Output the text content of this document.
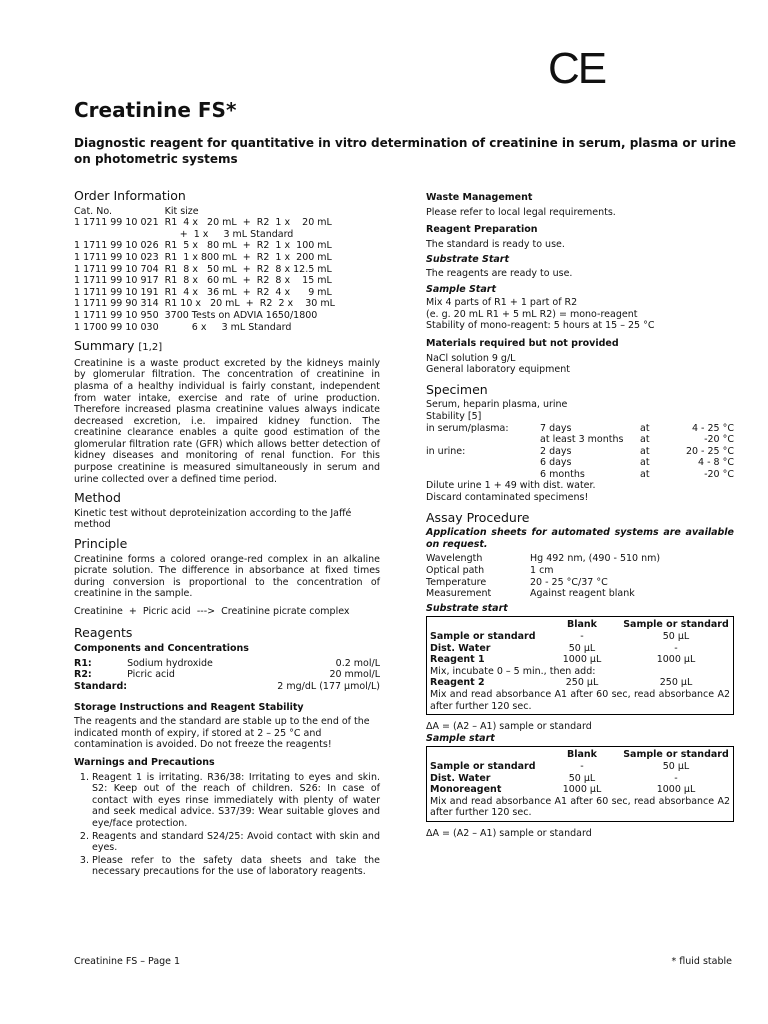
CE
Creatinine FS*
Diagnostic reagent for quantitative in vitro determination of creatinine in serum, plasma or urine on photometric systems
Order Information
Cat. No.	Kit size
1 1711 99 10 021	R1  4 x   20 mL  +  R2  1 x    20 mL
	+  1 x     3 mL Standard
1 1711 99 10 026	R1  5 x   80 mL  +  R2  1 x  100 mL
1 1711 99 10 023	R1  1 x 800 mL  +  R2  1 x  200 mL
1 1711 99 10 704	R1  8 x   50 mL  +  R2  8 x 12.5 mL
1 1711 99 10 917	R1  8 x   60 mL  +  R2  8 x    15 mL
1 1711 99 10 191	R1  4 x   36 mL  +  R2  4 x      9 mL
1 1711 99 90 314	R1 10 x   20 mL  +  R2  2 x    30 mL
1 1711 99 10 950	3700 Tests on ADVIA 1650/1800
1 1700 99 10 030	6 x     3 mL Standard
Summary [1,2]

Creatinine is a waste product excreted by the kidneys mainly by glomerular filtration. The concentration of creatinine in plasma of a healthy individual is fairly constant, independent from water intake, exercise and rate of urine production. Therefore increased plasma creatinine values always indicate decreased excretion, i.e. impaired kidney function. The creatinine clearance enables a quite good estimation of the glomerular filtration rate (GFR) which allows better detection of kidney diseases and monitoring of renal function. For this purpose creatinine is measured simultaneously in serum and urine collected over a defined time period.

Method

Kinetic test without deproteinization according to the Jaffé method

Principle

Creatinine forms a colored orange-red complex in an alkaline picrate solution. The difference in absorbance at fixed times during conversion is proportional to the concentration of creatinine in the sample.

Creatinine  +  Picric acid  --->  Creatinine picrate complex

Reagents
Components and Concentrations
R1:	Sodium hydroxide	0.2 mol/L
R2:	Picric acid	20 mmol/L
Standard:		2 mg/dL (177 µmol/L)
Storage Instructions and Reagent Stability

The reagents and the standard are stable up to the end of the indicated month of expiry, if stored at 2 – 25 °C and contamination is avoided. Do not freeze the reagents!

Warnings and Precautions
1. Reagent 1 is irritating. R36/38: Irritating to eyes and skin. S2: Keep out of the reach of children. S26: In case of contact with eyes rinse immediately with plenty of water and seek medical advice. S37/39: Wear suitable gloves and eye/face protection.
2. Reagents and standard S24/25: Avoid contact with skin and eyes.
3. Please refer to the safety data sheets and take the necessary precautions for the use of laboratory reagents.
Waste Management

Please refer to local legal requirements.

Reagent Preparation

The standard is ready to use.

Substrate Start

The reagents are ready to use.

Sample Start

Mix 4 parts of R1 + 1 part of R2
(e. g. 20 mL R1 + 5 mL R2) = mono-reagent
Stability of mono-reagent: 5 hours at 15 – 25 °C

Materials required but not provided

NaCl solution 9 g/L
General laboratory equipment

Specimen

Serum, heparin plasma, urine

Stability [5]

in serum/plasma:	7 days	at	4 - 25 °C
	at least 3 months	at	-20 °C
in urine:	2 days	at	20 - 25 °C
	6 days	at	4 - 8 °C
	6 months	at	-20 °C

Dilute urine 1 + 49 with dist. water.

Discard contaminated specimens!

Assay Procedure

Application sheets for automated systems are available on request.

Wavelength	Hg 492 nm, (490 - 510 nm)
Optical path	1 cm
Temperature	20 - 25 °C/37 °C
Measurement	Against reagent blank
Substrate start
	Blank	Sample or standard
Sample or standard	-	50 µL
Dist. Water	50 µL	-
Reagent 1	1000 µL	1000 µL
Mix, incubate 0 – 5 min., then add:		
Reagent 2	250 µL	250 µL
Mix and read absorbance A1 after 60 sec, read absorbance A2 after further 120 sec.		

ΔA = (A2 – A1) sample or standard

Sample start
	Blank	Sample or standard
Sample or standard	-	50 µL
Dist. Water	50 µL	-
Monoreagent	1000 µL	1000 µL
Mix and read absorbance A1 after 60 sec, read absorbance A2 after further 120 sec.		

ΔA = (A2 – A1) sample or standard

Creatinine FS – Page 1	* fluid stable
